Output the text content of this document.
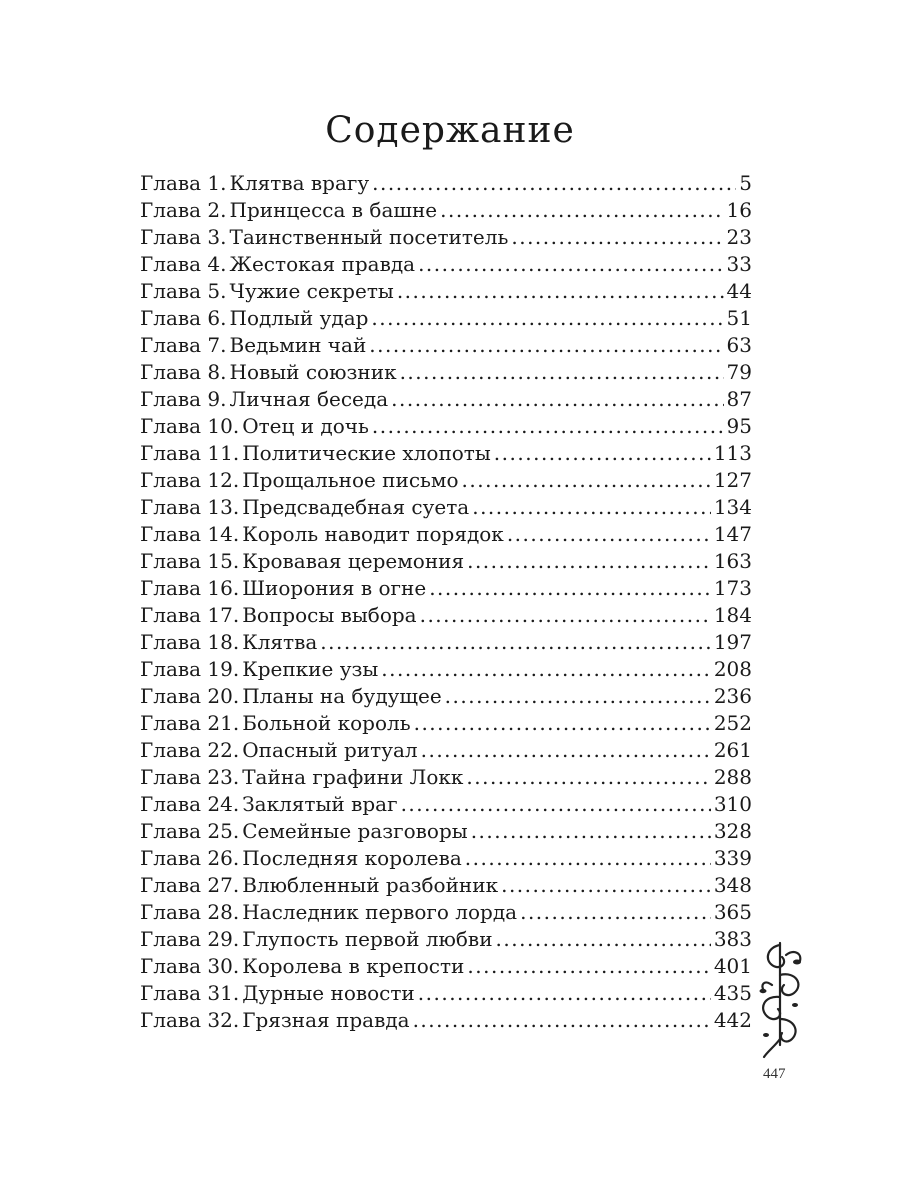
Содержание
Глава 1. Клятва врагу .....	5
Глава 2. Принцесса в башне .....	16
Глава 3. Таинственный посетитель .....	23
Глава 4. Жестокая правда .....	33
Глава 5. Чужие секреты .....	44
Глава 6. Подлый удар .....	51
Глава 7. Ведьмин чай .....	63
Глава 8. Новый союзник .....	79
Глава 9. Личная беседа .....	87
Глава 10. Отец и дочь .....	95
Глава 11. Политические хлопоты .....	113
Глава 12. Прощальное письмо .....	127
Глава 13. Предсвадебная суета .....	134
Глава 14. Король наводит порядок .....	147
Глава 15. Кровавая церемония .....	163
Глава 16. Шиорония в огне .....	173
Глава 17. Вопросы выбора .....	184
Глава 18. Клятва .....	197
Глава 19. Крепкие узы .....	208
Глава 20. Планы на будущее .....	236
Глава 21. Больной король .....	252
Глава 22. Опасный ритуал .....	261
Глава 23. Тайна графини Локк .....	288
Глава 24. Заклятый враг .....	310
Глава 25. Семейные разговоры .....	328
Глава 26. Последняя королева .....	339
Глава 27. Влюбленный разбойник .....	348
Глава 28. Наследник первого лорда .....	365
Глава 29. Глупость первой любви .....	383
Глава 30. Королева в крепости .....	401
Глава 31. Дурные новости .....	435
Глава 32. Грязная правда .....	442
447
